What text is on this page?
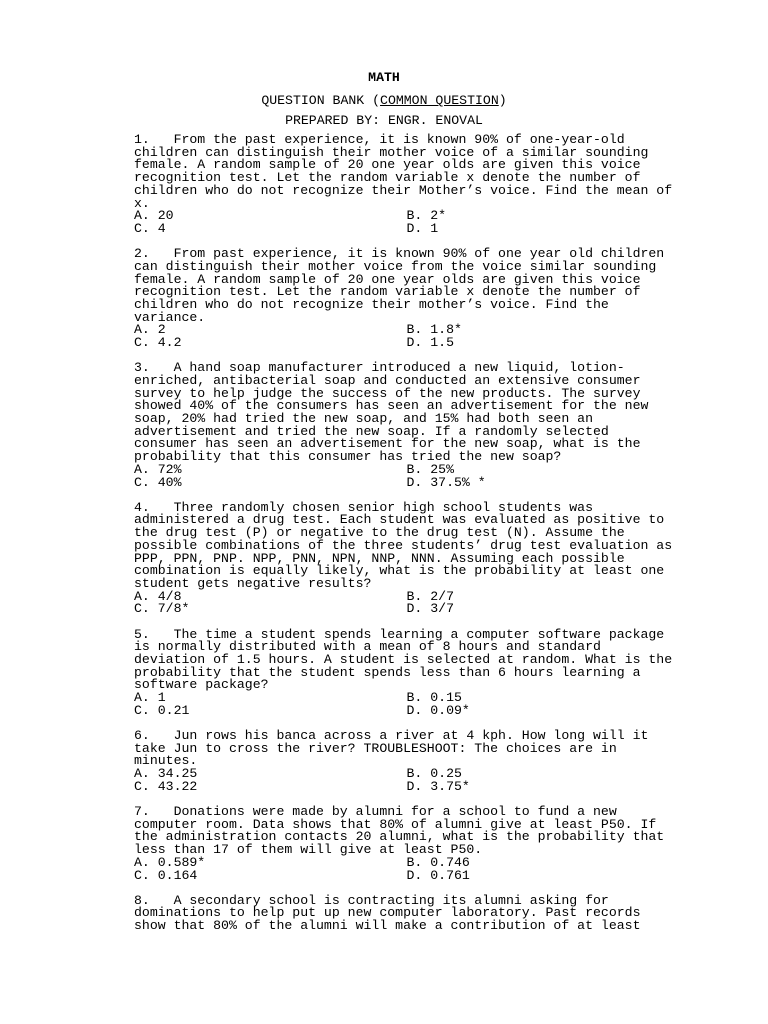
MATH
QUESTION BANK (COMMON QUESTION)
PREPARED BY: ENGR. ENOVAL
1.   From the past experience, it is known 90% of one-year-old children can distinguish their mother voice of a similar sounding female. A random sample of 20 one year olds are given this voice recognition test. Let the random variable x denote the number of children who do not recognize their Mother’s voice. Find the mean of x.
A. 20	B. 2*
C. 4	D. 1
2.   From past experience, it is known 90% of one year old children can distinguish their mother voice from the voice similar sounding female. A random sample of 20 one year olds are given this voice recognition test. Let the random variable x denote the number of children who do not recognize their mother’s voice. Find the variance.
A. 2	B. 1.8*
C. 4.2	D. 1.5
3.   A hand soap manufacturer introduced a new liquid, lotion-enriched, antibacterial soap and conducted an extensive consumer survey to help judge the success of the new products. The survey showed 40% of the consumers has seen an advertisement for the new soap, 20% had tried the new soap, and 15% had both seen an advertisement and tried the new soap. If a randomly selected consumer has seen an advertisement for the new soap, what is the probability that this consumer has tried the new soap?
A. 72%	B. 25%
C. 40%	D. 37.5% *
4.   Three randomly chosen senior high school students was administered a drug test. Each student was evaluated as positive to the drug test (P) or negative to the drug test (N). Assume the possible combinations of the three students’ drug test evaluation as PPP, PPN, PNP. NPP, PNN, NPN, NNP, NNN. Assuming each possible combination is equally likely, what is the probability at least one student gets negative results?
A. 4/8	B. 2/7
C. 7/8*	D. 3/7
5.   The time a student spends learning a computer software package is normally distributed with a mean of 8 hours and standard deviation of 1.5 hours. A student is selected at random. What is the probability that the student spends less than 6 hours learning a software package?
A. 1	B. 0.15
C. 0.21	D. 0.09*
6.   Jun rows his banca across a river at 4 kph. How long will it take Jun to cross the river? TROUBLESHOOT: The choices are in minutes.
A. 34.25	B. 0.25
C. 43.22	D. 3.75*
7.   Donations were made by alumni for a school to fund a new computer room. Data shows that 80% of alumni give at least P50. If the administration contacts 20 alumni, what is the probability that less than 17 of them will give at least P50.
A. 0.589*	B. 0.746
C. 0.164	D. 0.761
8.   A secondary school is contracting its alumni asking for dominations to help put up new computer laboratory. Past records show that 80% of the alumni will make a contribution of at least
